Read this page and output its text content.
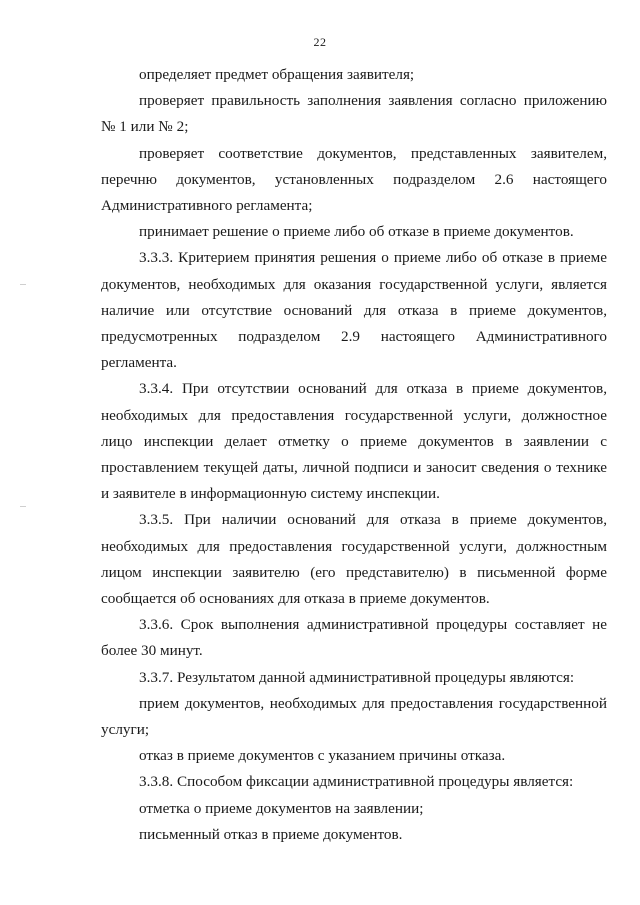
22

определяет предмет обращения заявителя;

проверяет правильность заполнения заявления согласно приложению № 1 или № 2;

проверяет соответствие документов, представленных заявителем, перечню документов, установленных подразделом 2.6 настоящего Административного регламента;

принимает решение о приеме либо об отказе в приеме документов.

3.3.3. Критерием принятия решения о приеме либо об отказе в приеме документов, необходимых для оказания государственной услуги, является наличие или отсутствие оснований для отказа в приеме документов, предусмотренных подразделом 2.9 настоящего Административного регламента.

3.3.4. При отсутствии оснований для отказа в приеме документов, необходимых для предоставления государственной услуги, должностное лицо инспекции делает отметку о приеме документов в заявлении с проставлением текущей даты, личной подписи и заносит сведения о технике и заявителе в информационную систему инспекции.

3.3.5. При наличии оснований для отказа в приеме документов, необходимых для предоставления государственной услуги, должностным лицом инспекции заявителю (его представителю) в письменной форме сообщается об основаниях для отказа в приеме документов.

3.3.6. Срок выполнения административной процедуры составляет не более 30 минут.

3.3.7. Результатом данной административной процедуры являются:

прием документов, необходимых для предоставления государственной услуги;

отказ в приеме документов с указанием причины отказа.

3.3.8. Способом фиксации административной процедуры является:

отметка о приеме документов на заявлении;

письменный отказ в приеме документов.
